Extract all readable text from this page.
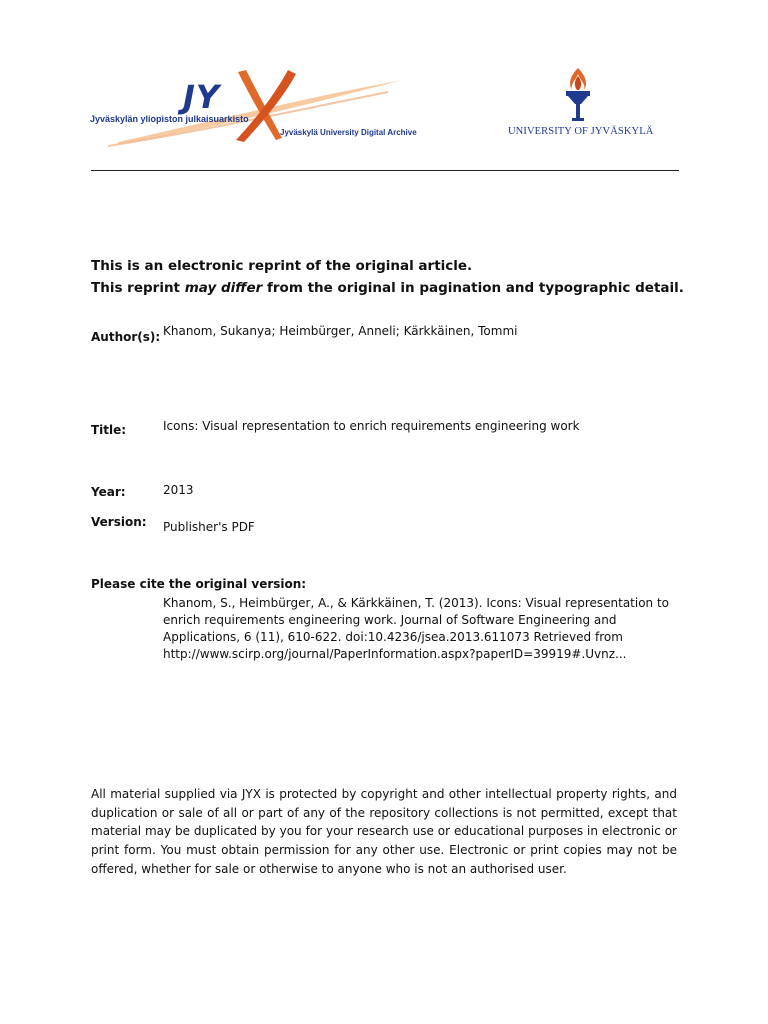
JY
Jyväskylän yliopiston julkaisuarkisto
Jyväskylä University Digital Archive	UNIVERSITY OF JYVÄSKYLÄ
This is an electronic reprint of the original article.
This reprint may differ from the original in pagination and typographic detail.
Author(s): Khanom, Sukanya; Heimbürger, Anneli; Kärkkäinen, Tommi
Title:	Icons: Visual representation to enrich requirements engineering work
Year:	2013
Version: Publisher's PDF
Please cite the original version:
Khanom, S., Heimbürger, A., & Kärkkäinen, T. (2013). Icons: Visual representation to
enrich requirements engineering work. Journal of Software Engineering and
Applications, 6 (11), 610-622. doi:10.4236/jsea.2013.611073 Retrieved from
http://www.scirp.org/journal/PaperInformation.aspx?paperID=39919#.Uvnz...
All material supplied via JYX is protected by copyright and other intellectual property rights, and duplication or sale of all or part of any of the repository collections is not permitted, except that material may be duplicated by you for your research use or educational purposes in electronic or print form. You must obtain permission for any other use. Electronic or print copies may not be offered, whether for sale or otherwise to anyone who is not an authorised user.
